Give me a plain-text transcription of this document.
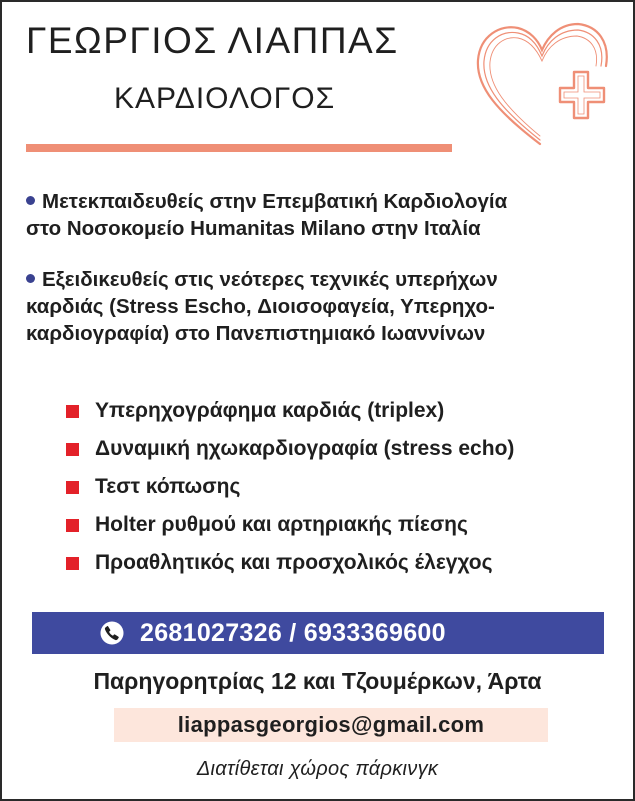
ΓΕΩΡΓΙΟΣ ΛΙΑΠΠΑΣ
ΚΑΡΔΙΟΛΟΓΟΣ
Μετεκπαιδευθείς στην Επεμβατική Καρδιολογία
στο Νοσοκομείο Humanitas Milano στην Ιταλία
Εξειδικευθείς στις νεότερες τεχνικές υπερήχων
καρδιάς (Stress Escho, Διοισοφαγεία, Υπερηχο-
καρδιογραφία) στο Πανεπιστημιακό Ιωαννίνων
Υπερηχογράφημα καρδιάς (triplex)
Δυναμική ηχωκαρδιογραφία (stress echo)
Τεστ κόπωσης
Holter ρυθμού και αρτηριακής πίεσης
Προαθλητικός και προσχολικός έλεγχος
2681027326 / 6933369600
Παρηγορητρίας 12 και Τζουμέρκων, Άρτα
liappasgeorgios@gmail.com
Διατίθεται χώρος πάρκινγκ
